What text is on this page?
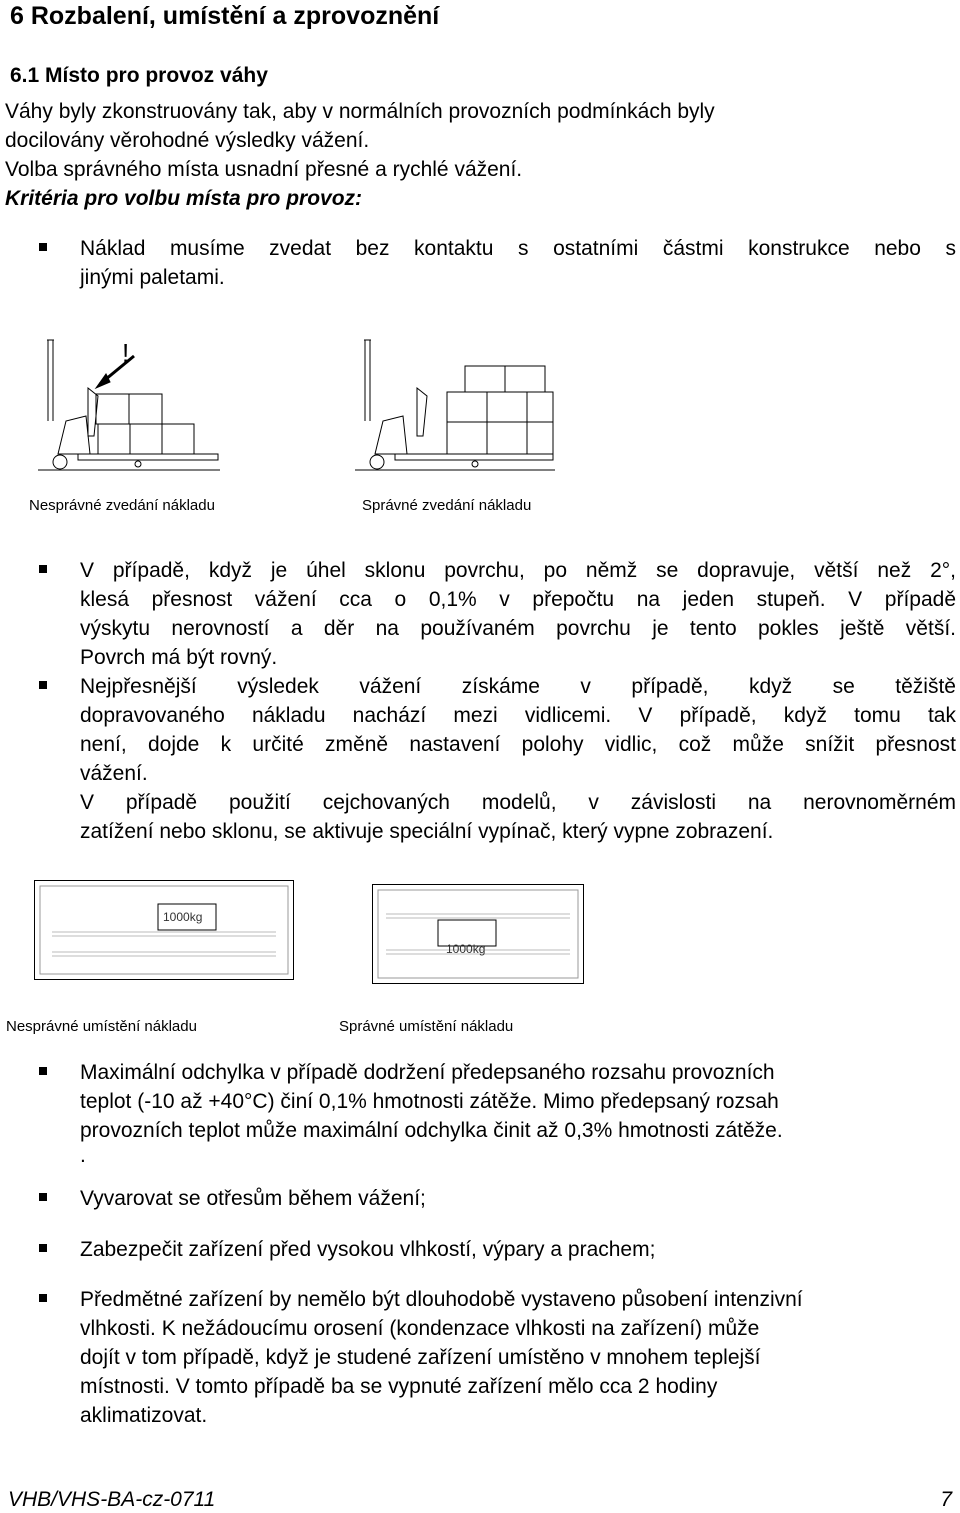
6 Rozbalení, umístění a zprovoznění
6.1 Místo pro provoz váhy
Váhy byly zkonstruovány tak, aby v normálních provozních podmínkách byly
docilovány věrohodné výsledky vážení.
Volba správného místa usnadní přesné a rychlé vážení.
Kritéria pro volbu místa pro provoz:
Náklad musíme zvedat bez kontaktu s ostatními částmi konstrukce nebo s
jinými paletami.
!
Nesprávné zvedání nákladu	Správné zvedání nákladu
V případě, když je úhel sklonu povrchu, po němž se dopravuje, větší než 2°,
klesá přesnost vážení cca o 0,1% v přepočtu na jeden stupeň. V případě
výskytu nerovností a děr na používaném povrchu je tento pokles ještě větší.
Povrch má být rovný.
Nejpřesnější výsledek vážení získáme v případě, když se těžiště
dopravovaného nákladu nachází mezi vidlicemi. V případě, když tomu tak
není, dojde k určité změně nastavení polohy vidlic, což může snížit přesnost
vážení.
V případě použití cejchovaných modelů, v závislosti na nerovnoměrném
zatížení nebo sklonu, se aktivuje speciální vypínač, který vypne zobrazení.
1000kg
1000kg
Nesprávné umístění nákladu	Správné umístění nákladu
Maximální odchylka v případě dodržení předepsaného rozsahu provozních
teplot (-10 až +40°C) činí 0,1% hmotnosti zátěže. Mimo předepsaný rozsah
provozních teplot může maximální odchylka činit až 0,3% hmotnosti zátěže.
.
Vyvarovat se otřesům během vážení;
Zabezpečit zařízení před vysokou vlhkostí, výpary a prachem;
Předmětné zařízení by nemělo být dlouhodobě vystaveno působení intenzivní
vlhkosti. K nežádoucímu orosení (kondenzace vlhkosti na zařízení) může
dojít v tom případě, když je studené zařízení umístěno v mnohem teplejší
místnosti. V tomto případě ba se vypnuté zařízení mělo cca 2 hodiny
aklimatizovat.
VHB/VHS-BA-cz-0711	7
